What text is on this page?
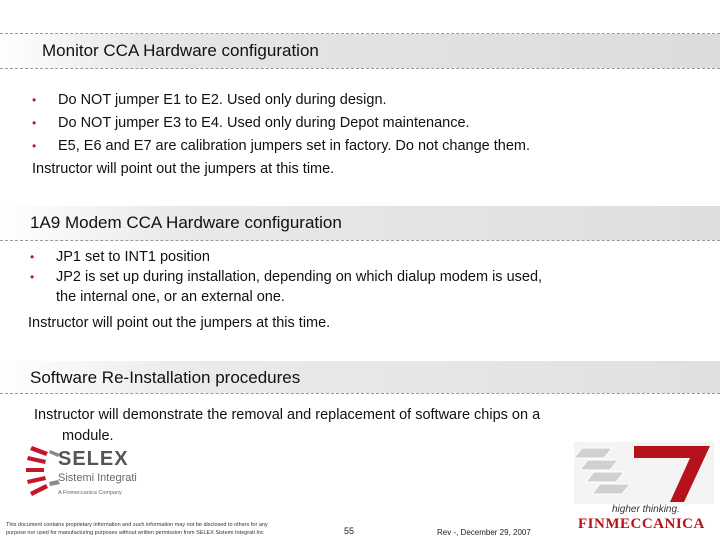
Monitor CCA Hardware configuration
• Do NOT jumper E1 to E2. Used only during design.
• Do NOT jumper E3 to E4. Used only during Depot maintenance.
• E5, E6 and E7 are calibration jumpers set in factory. Do not change them.
Instructor will point out the jumpers at this time.
1A9 Modem CCA Hardware configuration
• JP1 set to INT1 position
• JP2 is set up during installation, depending on which dialup modem is used,
the internal one, or an external one.
Instructor will point out the jumpers at this time.
Software Re-Installation procedures
Instructor will demonstrate the removal and replacement of software chips on a
module.
SELEX
Sistemi Integrati
A Finmeccanica Company
This document contains proprietary information and such information may not be disclosed to others for any
purpose nor used for manufacturing purposes without written permission from SELEX Sistemi Integrati Inc	55	Rev -, December 29, 2007
higher thinking.
FINMECCANICA
